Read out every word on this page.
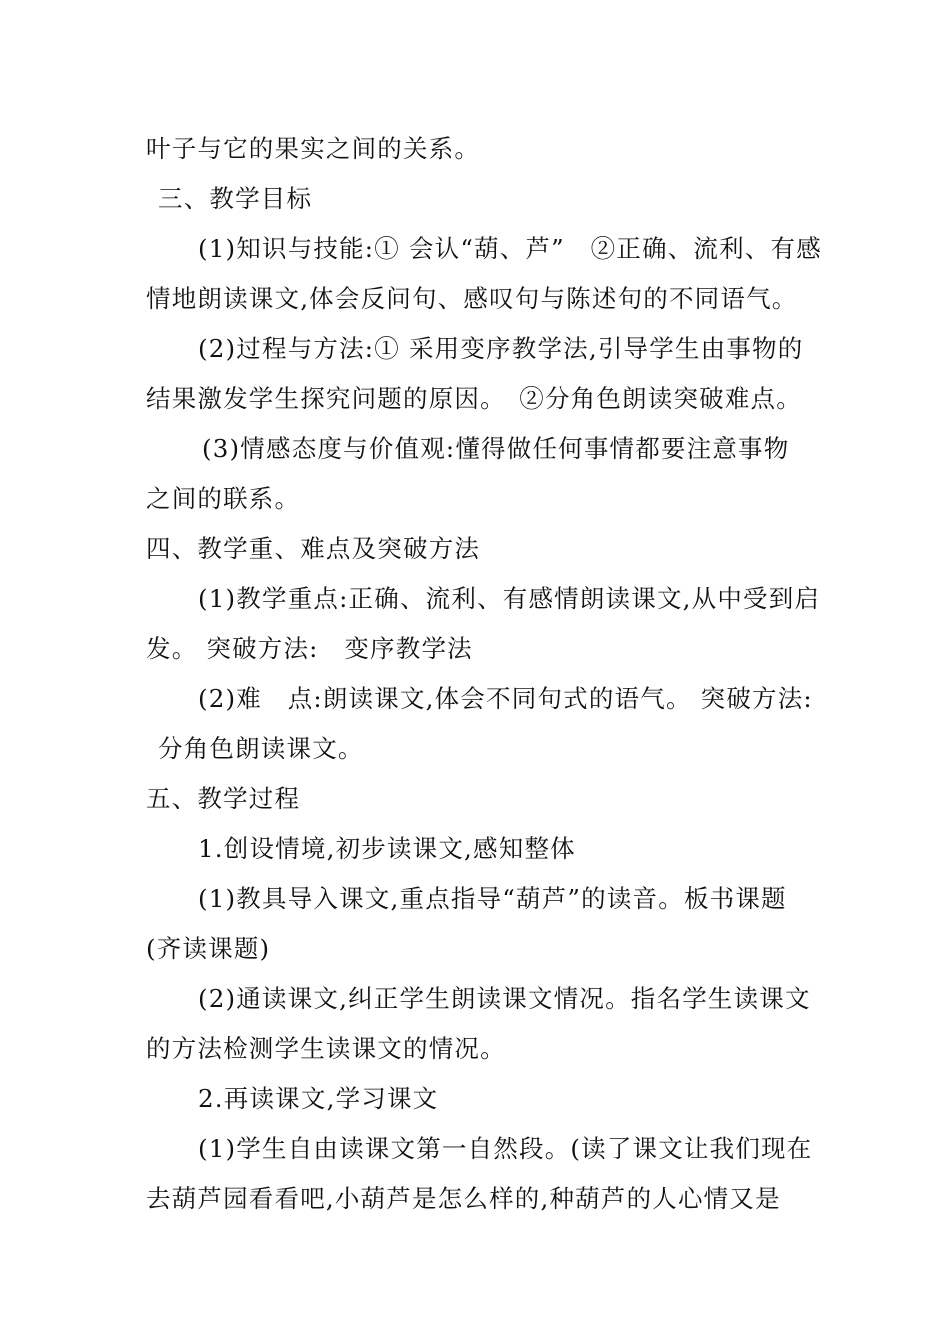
叶子与它的果实之间的关系。
三、教学目标
(1)知识与技能:① 会认“葫、芦”　②正确、流利、有感
情地朗读课文,体会反问句、感叹句与陈述句的不同语气。
(2)过程与方法:① 采用变序教学法,引导学生由事物的
结果激发学生探究问题的原因。　②分角色朗读突破难点。
(3)情感态度与价值观:懂得做任何事情都要注意事物
之间的联系。
四、教学重、难点及突破方法
(1)教学重点:正确、流利、有感情朗读课文,从中受到启
发。 突破方法:　变序教学法
(2)难　点:朗读课文,体会不同句式的语气。 突破方法:
分角色朗读课文。
五、教学过程
1.创设情境,初步读课文,感知整体
(1)教具导入课文,重点指导“葫芦”的读音。板书课题
(齐读课题)
(2)通读课文,纠正学生朗读课文情况。指名学生读课文
的方法检测学生读课文的情况。
2.再读课文,学习课文
(1)学生自由读课文第一自然段。(读了课文让我们现在
去葫芦园看看吧,小葫芦是怎么样的,种葫芦的人心情又是
